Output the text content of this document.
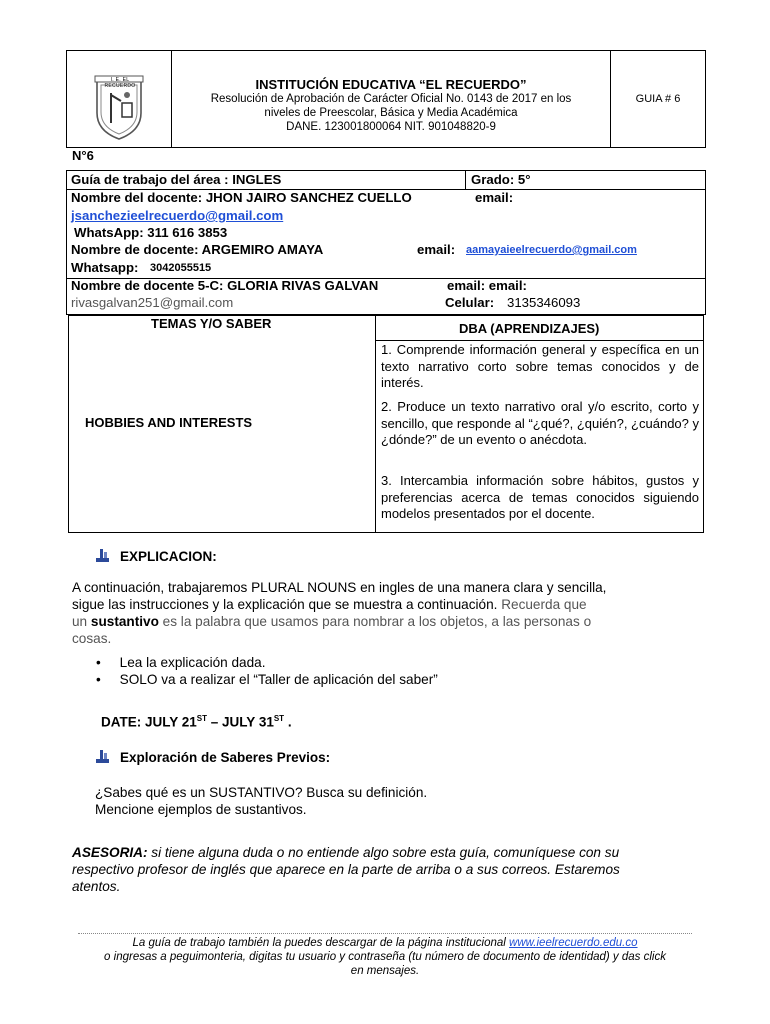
I. E. EL RECUERDO	INSTITUCIÓN EDUCATIVA “EL RECUERDO”
Resolución de Aprobación de Carácter Oficial No. 0143 de 2017 en los
niveles de Preescolar, Básica y Media Académica
DANE. 123001800064 NIT. 901048820-9
GUIA # 6
N°6
Guía de trabajo del área : INGLES	Grado: 5°
Nombre del docente: JHON JAIRO SANCHEZ CUELLO	email:
jsanchezieelrecuerdo@gmail.com
WhatsApp: 311 616 3853
Nombre de docente: ARGEMIRO AMAYA	email: aamayaieelrecuerdo@gmail.com
Whatsapp: 3042055515
Nombre de docente 5-C: GLORIA RIVAS GALVAN	email: email:
rivasgalvan251@gmail.com	Celular: 3135346093
TEMAS Y/O SABER	DBA (APRENDIZAJES)
HOBBIES AND INTERESTS
1. Comprende información general y específica en un texto narrativo corto sobre temas conocidos y de interés.
2. Produce un texto narrativo oral y/o escrito, corto y sencillo, que responde al “¿qué?, ¿quién?, ¿cuándo? y ¿dónde?” de un evento o anécdota.
3. Intercambia información sobre hábitos, gustos y preferencias acerca de temas conocidos siguiendo modelos presentados por el docente.
EXPLICACION:
A continuación, trabajaremos PLURAL NOUNS en ingles de una manera clara y sencilla,
sigue las instrucciones y la explicación que se muestra a continuación. Recuerda que
un sustantivo es la palabra que usamos para nombrar a los objetos, a las personas o
cosas.
•     Lea la explicación dada.
•     SOLO va a realizar el “Taller de aplicación del saber”
DATE: JULY 21ST – JULY 31ST .
Exploración de Saberes Previos:
¿Sabes qué es un SUSTANTIVO? Busca su definición.
Mencione ejemplos de sustantivos.
ASESORIA: si tiene alguna duda o no entiende algo sobre esta guía, comuníquese con su
respectivo profesor de inglés que aparece en la parte de arriba o a sus correos. Estaremos
atentos.
La guía de trabajo también la puedes descargar de la página institucional www.ieelrecuerdo.edu.co
o ingresas a peguimonteria, digitas tu usuario y contraseña (tu número de documento de identidad) y das click
en mensajes.
